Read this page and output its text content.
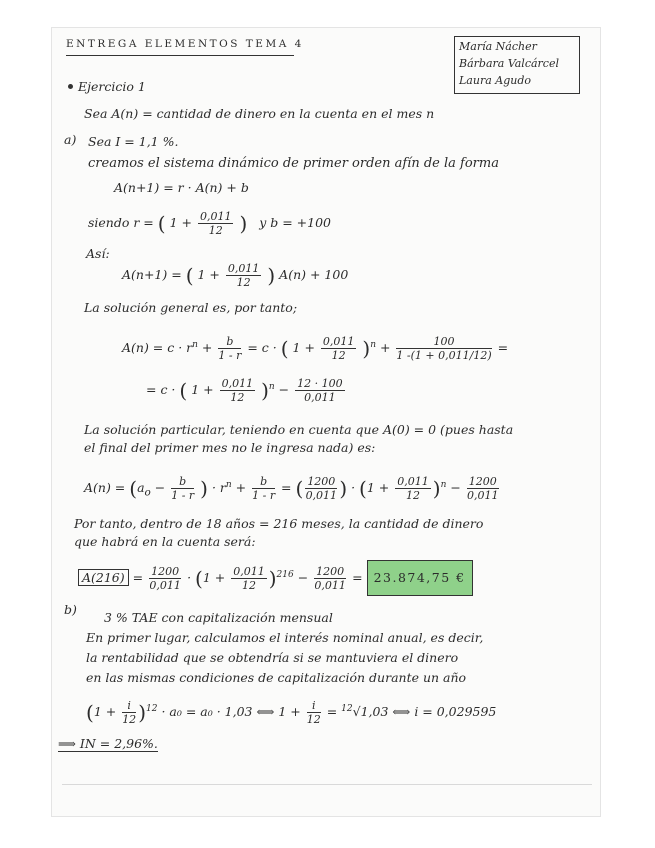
ENTREGA ELEMENTOS TEMA 4	María Nácher
Bárbara Valcárcel
Laura Agudo
Ejercicio 1
Sea A(n) = cantidad de dinero en la cuenta en el mes n
a) Sea I = 1,1 %.
creamos el sistema dinámico de primer orden afín de la forma
A(n+1) = r · A(n) + b
siendo r = ( $1 + \frac{0,011}{12}$ ) y b = +100
Así:
A(n+1) = ( $1 + \frac{0,011}{12}$ ) A(n) + 100
La solución general es, por tanto;
$A(n) = c \cdot r^n + \frac{b}{1 - r} = c$ · ( $1 + \frac{0,011}{12} )^n + \frac{100}{1 -(1 + 0,011/12)}$ =
= c · ( $1 + \frac{0,011}{12} )^n - \frac{12 \cdot 100}{0,011}$
La solución particular, teniendo en cuenta que A(0) = 0 (pues hasta
el final del primer mes no le ingresa nada) es:
$A(n) = (a_o - \frac{b}{1 - r}$ ) · $r^n + \frac{b}{1 - r}$ = ( $\frac{1200}{0,011}$ ) · $(1 + \frac{0,011}{12} )^n - \frac{1200}{0,011}$
Por tanto, dentro de 18 años = 216 meses, la cantidad de dinero
que habrá en la cuenta será:
$A(216) = \frac{1200}{0,011} \cdot (1 + \frac{0,011}{12} )^{216} - \frac{1200}{0,011} = 23.874,75$ €
b)
3 % TAE con capitalización mensual
En primer lugar, calculamos el interés nominal anual, es decir,
la rentabilidad que se obtendría si se mantuviera el dinero
en las mismas condiciones de capitalización durante un año
$(1 + \frac{i}{12} )^{12} \cdot a_0 = a_0 \cdot 1,03$ ⟺ $1 + \frac{i}{12} = ^{12}√1,03$ ⟺ i = 0,029595
⟹ IN = 2,96%.
